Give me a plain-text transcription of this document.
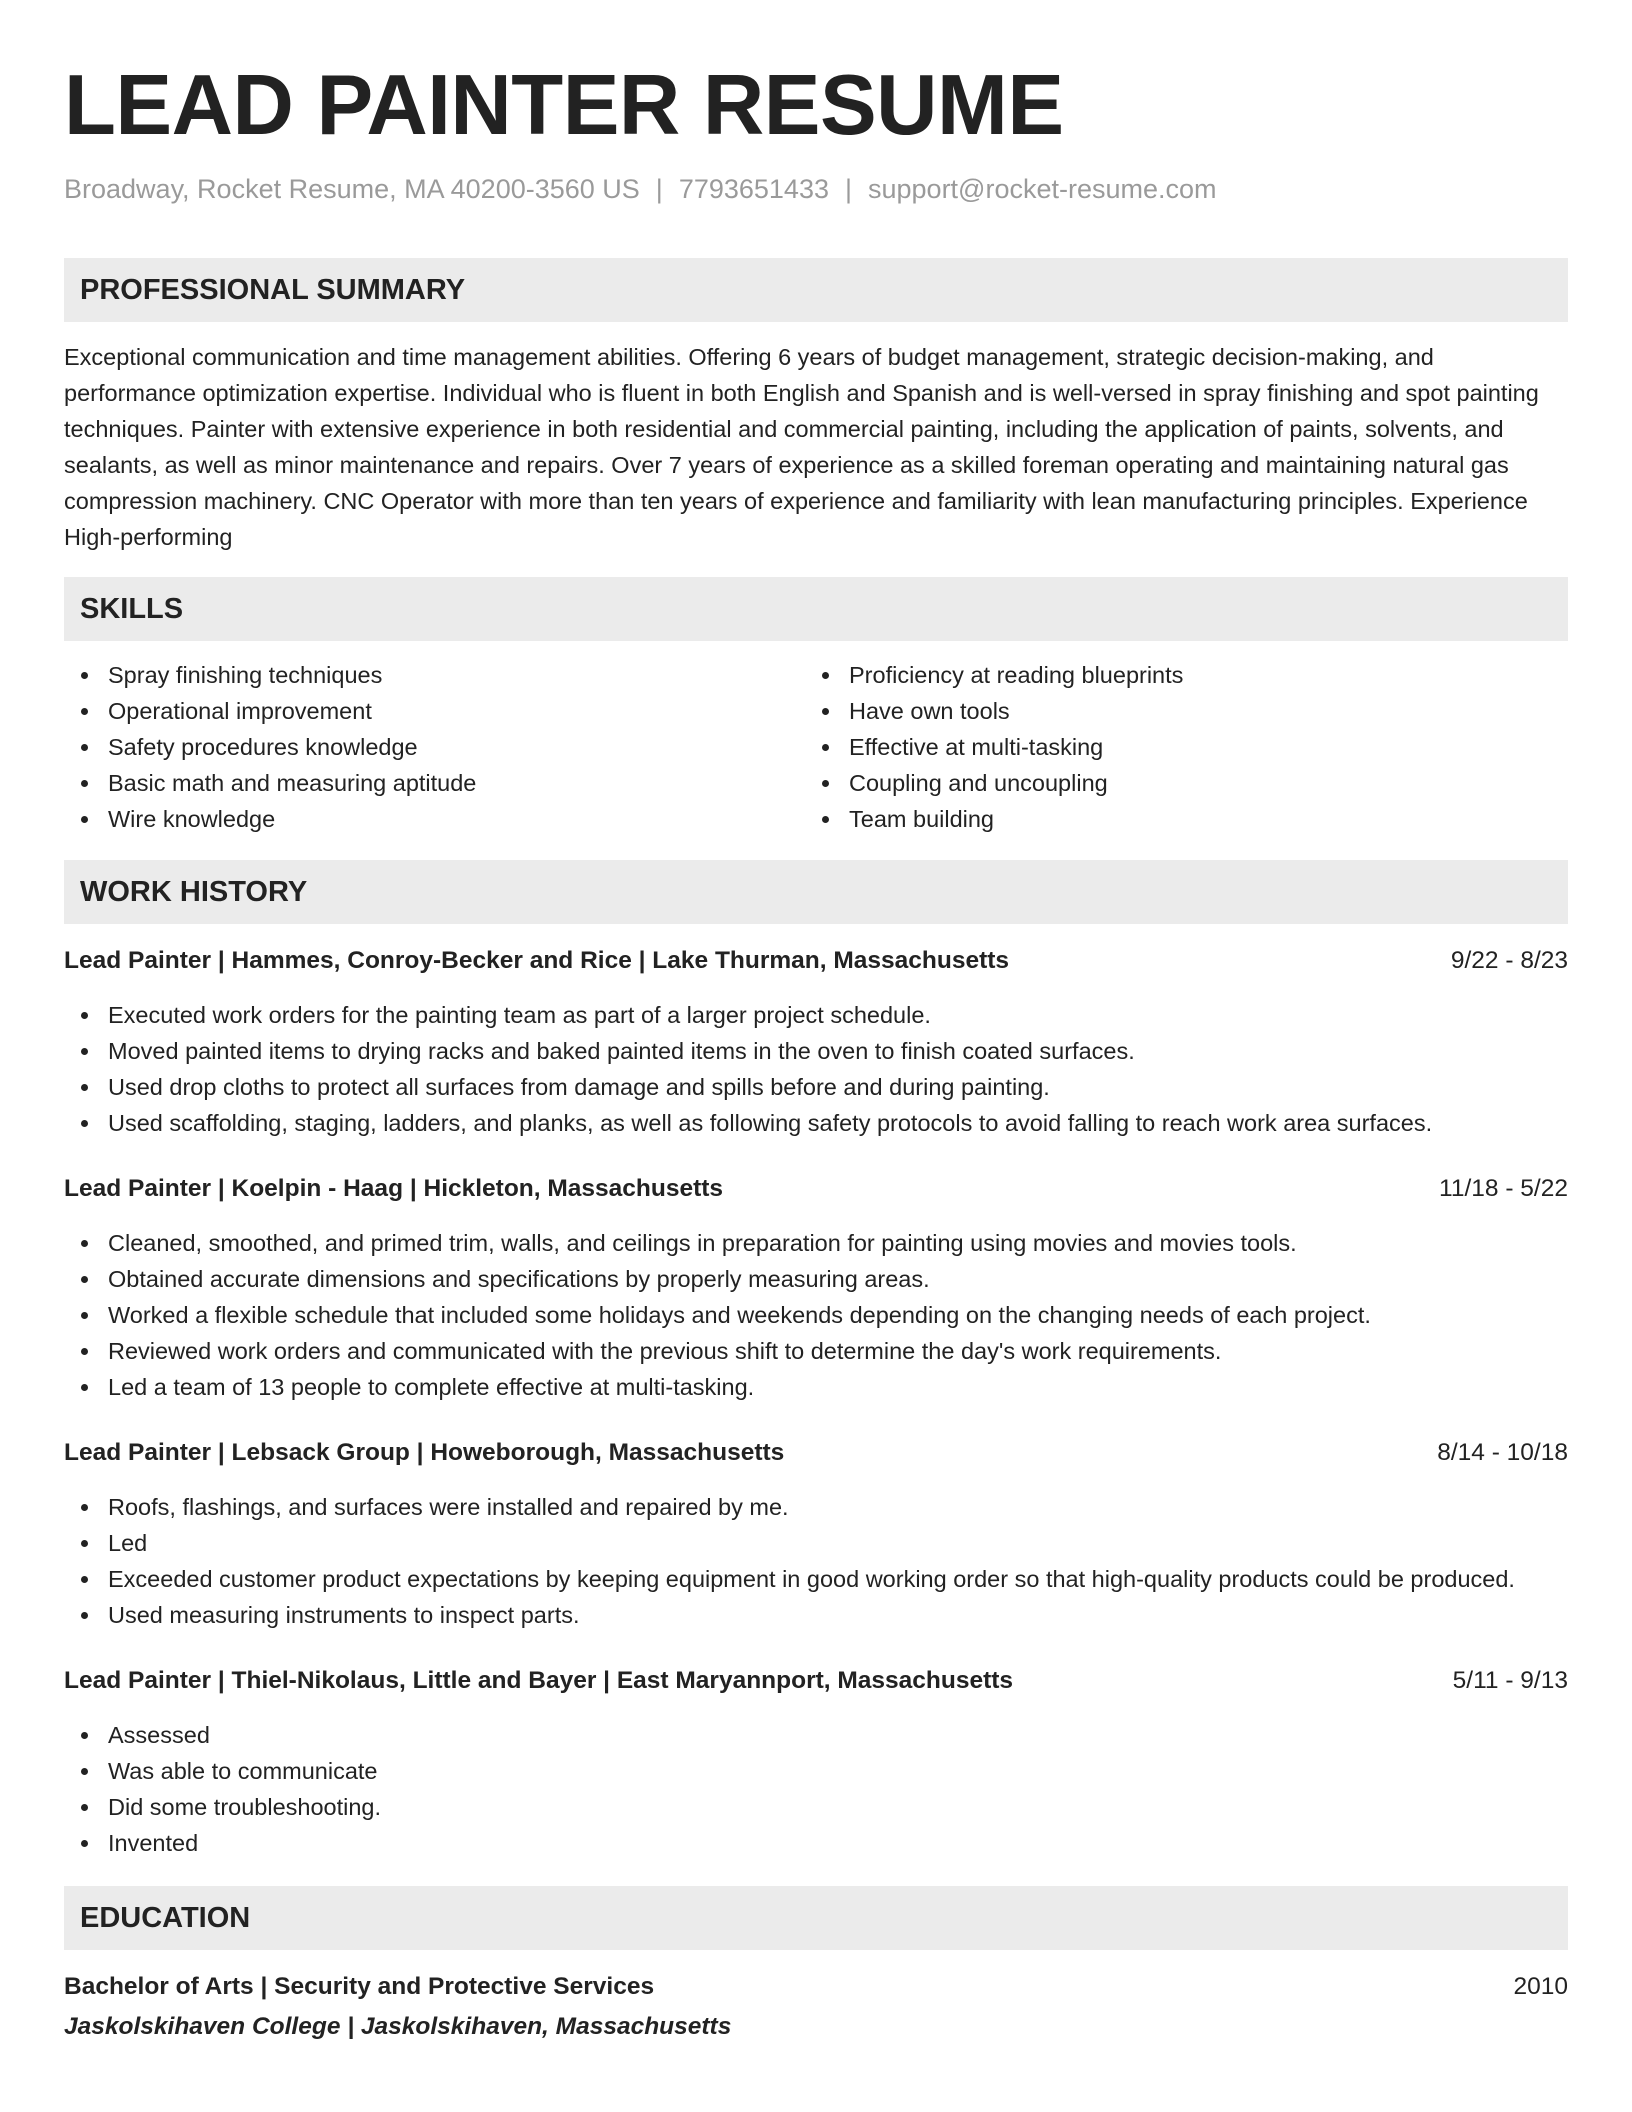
LEAD PAINTER RESUME
Broadway, Rocket Resume, MA 40200-3560 US | 7793651433 | support@rocket-resume.com
PROFESSIONAL SUMMARY

Exceptional communication and time management abilities. Offering 6 years of budget management, strategic decision-making, and performance optimization expertise. Individual who is fluent in both English and Spanish and is well-versed in spray finishing and spot painting techniques. Painter with extensive experience in both residential and commercial painting, including the application of paints, solvents, and sealants, as well as minor maintenance and repairs. Over 7 years of experience as a skilled foreman operating and maintaining natural gas compression machinery. CNC Operator with more than ten years of experience and familiarity with lean manufacturing principles. Experience High-performing

SKILLS
Spray finishing techniques
Operational improvement
Safety procedures knowledge
Basic math and measuring aptitude
Wire knowledge
Proficiency at reading blueprints
Have own tools
Effective at multi-tasking
Coupling and uncoupling
Team building
WORK HISTORY
Lead Painter | Hammes, Conroy-Becker and Rice | Lake Thurman, Massachusetts	9/22 - 8/23
Executed work orders for the painting team as part of a larger project schedule.
Moved painted items to drying racks and baked painted items in the oven to finish coated surfaces.
Used drop cloths to protect all surfaces from damage and spills before and during painting.
Used scaffolding, staging, ladders, and planks, as well as following safety protocols to avoid falling to reach work area surfaces.
Lead Painter | Koelpin - Haag | Hickleton, Massachusetts	11/18 - 5/22
Cleaned, smoothed, and primed trim, walls, and ceilings in preparation for painting using movies and movies tools.
Obtained accurate dimensions and specifications by properly measuring areas.
Worked a flexible schedule that included some holidays and weekends depending on the changing needs of each project.
Reviewed work orders and communicated with the previous shift to determine the day's work requirements.
Led a team of 13 people to complete effective at multi-tasking.
Lead Painter | Lebsack Group | Howeborough, Massachusetts	8/14 - 10/18
Roofs, flashings, and surfaces were installed and repaired by me.
Led
Exceeded customer product expectations by keeping equipment in good working order so that high-quality products could be produced.
Used measuring instruments to inspect parts.
Lead Painter | Thiel-Nikolaus, Little and Bayer | East Maryannport, Massachusetts	5/11 - 9/13
Assessed
Was able to communicate
Did some troubleshooting.
Invented
EDUCATION
Bachelor of Arts | Security and Protective Services	2010
Jaskolskihaven College | Jaskolskihaven, Massachusetts
